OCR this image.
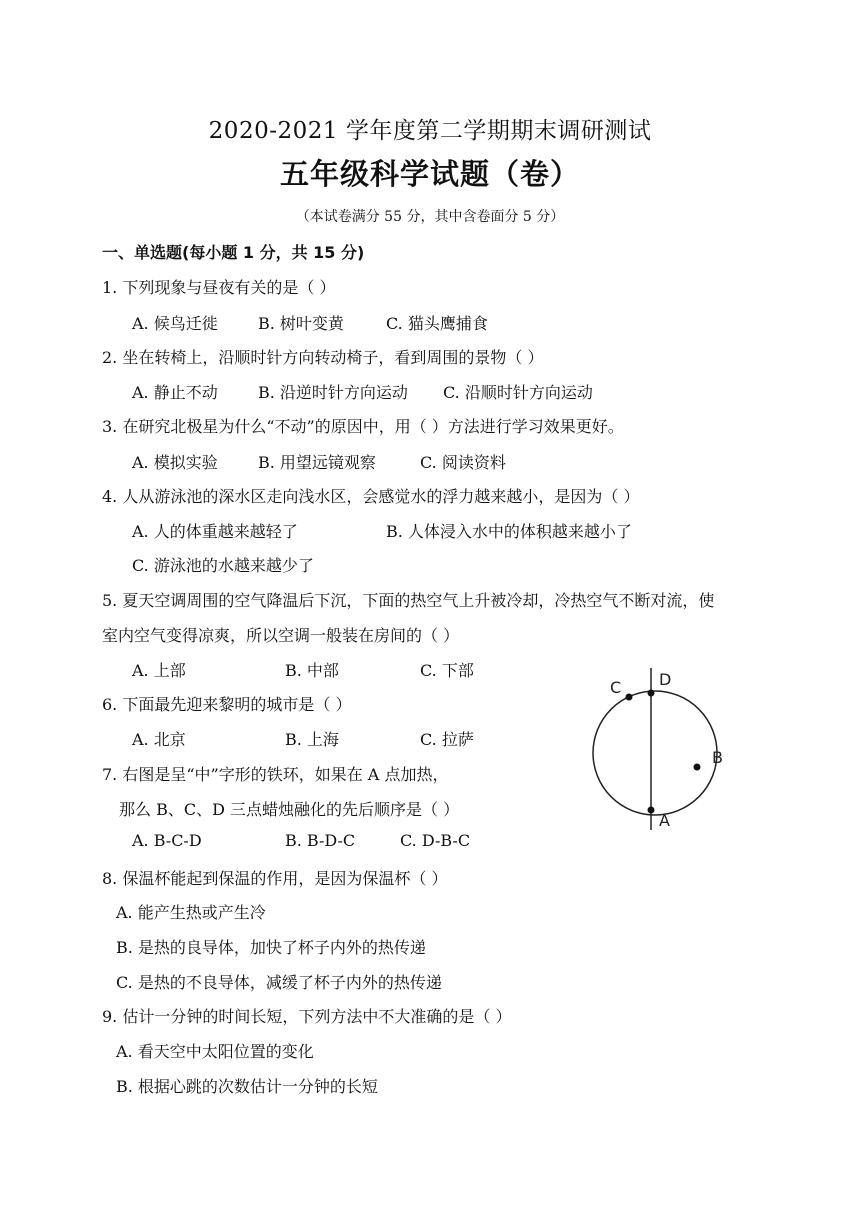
2020-2021 学年度第二学期期末调研测试
五年级科学试题（卷）
（本试卷满分 55 分，其中含卷面分 5 分）
一、单选题(每小题 1 分，共 15 分)
1. 下列现象与昼夜有关的是（ ）
A. 候鸟迁徙	B. 树叶变黄	C. 猫头鹰捕食
2. 坐在转椅上，沿顺时针方向转动椅子，看到周围的景物（ ）
A. 静止不动	B. 沿逆时针方向运动 C. 沿顺时针方向运动
3. 在研究北极星为什么“不动”的原因中，用（ ）方法进行学习效果更好。
A. 模拟实验	B. 用望远镜观察	C. 阅读资料
4. 人从游泳池的深水区走向浅水区，会感觉水的浮力越来越小，是因为（ ）
A. 人的体重越来越轻了	B. 人体浸入水中的体积越来越小了
C. 游泳池的水越来越少了
5. 夏天空调周围的空气降温后下沉，下面的热空气上升被冷却，冷热空气不断对流，使
室内空气变得凉爽，所以空调一般装在房间的（ ）
A. 上部	B. 中部	C. 下部
6. 下面最先迎来黎明的城市是（ ）
A. 北京	B. 上海	C. 拉萨
7. 右图是呈“中”字形的铁环，如果在 A 点加热，
那么 B、C、D 三点蜡烛融化的先后顺序是（ ）
A. B-C-D	B. B-D-C	C. D-B-C
8. 保温杯能起到保温的作用，是因为保温杯（ ）
A. 能产生热或产生冷
B. 是热的良导体，加快了杯子内外的热传递
C. 是热的不良导体，减缓了杯子内外的热传递
9. 估计一分钟的时间长短，下列方法中不大准确的是（ ）
A. 看天空中太阳位置的变化
B. 根据心跳的次数估计一分钟的长短
C D
B
A
